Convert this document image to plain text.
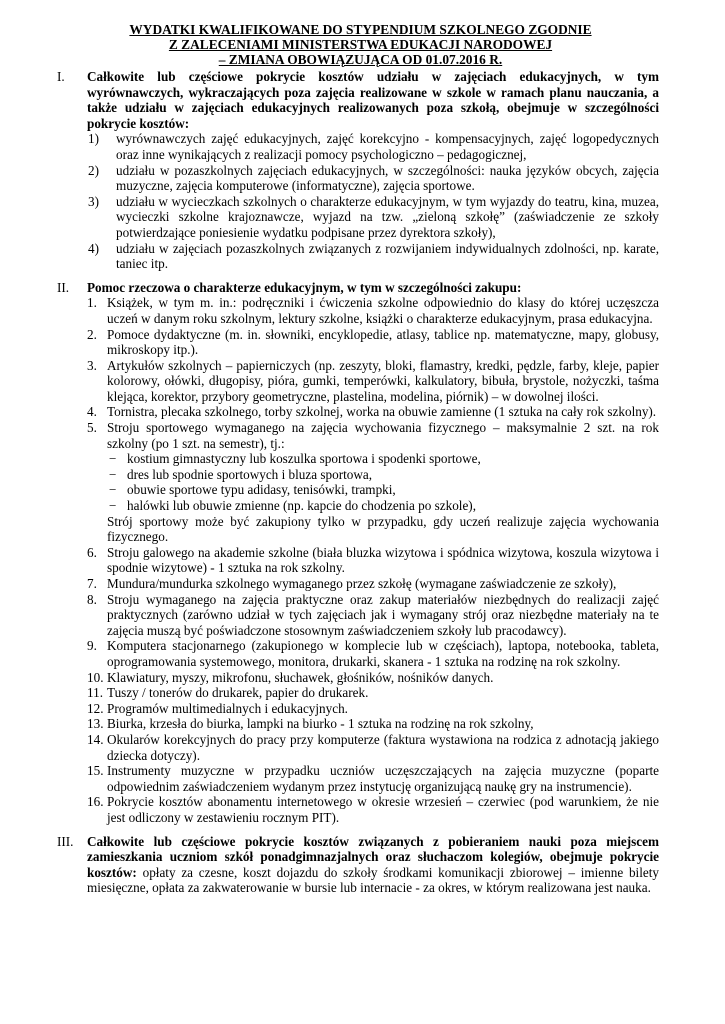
WYDATKI KWALIFIKOWANE DO STYPENDIUM SZKOLNEGO ZGODNIE
Z ZALECENIAMI MINISTERSTWA EDUKACJI NARODOWEJ
– ZMIANA OBOWIĄZUJĄCA OD 01.07.2016 R.
I.	Całkowite lub częściowe pokrycie kosztów udziału w zajęciach edukacyjnych, w tym wyrównawczych, wykraczających poza zajęcia realizowane w szkole w ramach planu nauczania, a także udziału w zajęciach edukacyjnych realizowanych poza szkołą, obejmuje w szczególności pokrycie kosztów:
1) wyrównawczych zajęć edukacyjnych, zajęć korekcyjno - kompensacyjnych, zajęć logopedycznych oraz inne wynikających z realizacji pomocy psychologiczno – pedagogicznej,
2) udziału w pozaszkolnych zajęciach edukacyjnych, w szczególności: nauka języków obcych, zajęcia muzyczne, zajęcia komputerowe (informatyczne), zajęcia sportowe.
3) udziału w wycieczkach szkolnych o charakterze edukacyjnym, w tym wyjazdy do teatru, kina, muzea, wycieczki szkolne krajoznawcze, wyjazd na tzw. „zieloną szkołę” (zaświadczenie ze szkoły potwierdzające poniesienie wydatku podpisane przez dyrektora szkoły),
4) udziału w zajęciach pozaszkolnych związanych z rozwijaniem indywidualnych zdolności, np. karate, taniec itp.
II.	Pomoc rzeczowa o charakterze edukacyjnym, w tym w szczególności zakupu:
1. Książek, w tym m. in.: podręczniki i ćwiczenia szkolne odpowiednio do klasy do której uczęszcza uczeń w danym roku szkolnym, lektury szkolne, książki o charakterze edukacyjnym, prasa edukacyjna.
2. Pomoce dydaktyczne (m. in. słowniki, encyklopedie, atlasy, tablice np. matematyczne, mapy, globusy, mikroskopy itp.).
3. Artykułów szkolnych – papierniczych (np. zeszyty, bloki, flamastry, kredki, pędzle, farby, kleje, papier kolorowy, ołówki, długopisy, pióra, gumki, temperówki, kalkulatory, bibuła, brystole, nożyczki, taśma klejąca, korektor, przybory geometryczne, plastelina, modelina, piórnik) – w dowolnej ilości.
4. Tornistra, plecaka szkolnego, torby szkolnej, worka na obuwie zamienne (1 sztuka na cały rok szkolny).
5. Stroju sportowego wymaganego na zajęcia wychowania fizycznego – maksymalnie 2 szt. na rok szkolny (po 1 szt. na semestr), tj.:
− kostium gimnastyczny lub koszulka sportowa i spodenki sportowe,
− dres lub spodnie sportowych i bluza sportowa,
− obuwie sportowe typu adidasy, tenisówki, trampki,
− halówki lub obuwie zmienne (np. kapcie do chodzenia po szkole),
Strój sportowy może być zakupiony tylko w przypadku, gdy uczeń realizuje zajęcia wychowania fizycznego.
6. Stroju galowego na akademie szkolne (biała bluzka wizytowa i spódnica wizytowa, koszula wizytowa i spodnie wizytowe) - 1 sztuka na rok szkolny.
7. Mundura/mundurka szkolnego wymaganego przez szkołę (wymagane zaświadczenie ze szkoły),
8. Stroju wymaganego na zajęcia praktyczne oraz zakup materiałów niezbędnych do realizacji zajęć praktycznych (zarówno udział w tych zajęciach jak i wymagany strój oraz niezbędne materiały na te zajęcia muszą być poświadczone stosownym zaświadczeniem szkoły lub pracodawcy).
9. Komputera stacjonarnego (zakupionego w komplecie lub w częściach), laptopa, notebooka, tableta, oprogramowania systemowego, monitora, drukarki, skanera - 1 sztuka na rodzinę na rok szkolny.
10. Klawiatury, myszy, mikrofonu, słuchawek, głośników, nośników danych.
11. Tuszy / tonerów do drukarek, papier do drukarek.
12. Programów multimedialnych i edukacyjnych.
13. Biurka, krzesła do biurka, lampki na biurko - 1 sztuka na rodzinę na rok szkolny,
14. Okularów korekcyjnych do pracy przy komputerze (faktura wystawiona na rodzica z adnotacją jakiego dziecka dotyczy).
15. Instrumenty muzyczne w przypadku uczniów uczęszczających na zajęcia muzyczne (poparte odpowiednim zaświadczeniem wydanym przez instytucję organizującą naukę gry na instrumencie).
16. Pokrycie kosztów abonamentu internetowego w okresie wrzesień – czerwiec (pod warunkiem, że nie jest odliczony w zestawieniu rocznym PIT).
III.	Całkowite lub częściowe pokrycie kosztów związanych z pobieraniem nauki poza miejscem zamieszkania uczniom szkół ponadgimnazjalnych oraz słuchaczom kolegiów, obejmuje pokrycie kosztów: opłaty za czesne, koszt dojazdu do szkoły środkami komunikacji zbiorowej – imienne bilety miesięczne, opłata za zakwaterowanie w bursie lub internacie - za okres, w którym realizowana jest nauka.
